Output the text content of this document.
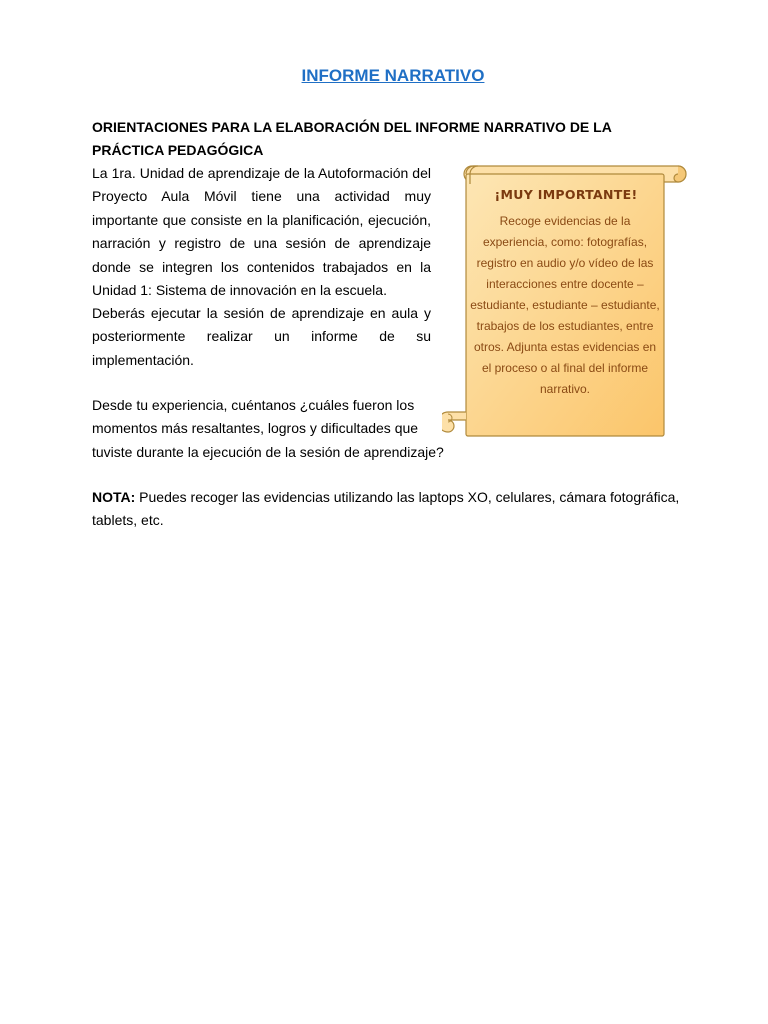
INFORME NARRATIVO

ORIENTACIONES PARA LA ELABORACIÓN DEL INFORME NARRATIVO DE LA PRÁCTICA PEDAGÓGICA

La 1ra. Unidad de aprendizaje de la Autoformación del Proyecto Aula Móvil tiene una actividad muy importante que consiste en la planificación, ejecución, narración y registro de una sesión de aprendizaje donde se integren los contenidos trabajados en la Unidad 1: Sistema de innovación en la escuela.

Deberás ejecutar la sesión de aprendizaje en aula y posteriormente realizar un informe de su implementación.

Desde tu experiencia, cuéntanos ¿cuáles fueron los momentos más resaltantes, logros y dificultades que tuviste durante la ejecución de la sesión de aprendizaje?

NOTA: Puedes recoger las evidencias utilizando las laptops XO, celulares, cámara fotográfica, tablets, etc.

¡MUY IMPORTANTE!

Recoge evidencias de la experiencia, como: fotografías, registro en audio y/o vídeo de las interacciones entre docente – estudiante, estudiante – estudiante, trabajos de los estudiantes, entre otros. Adjunta estas evidencias en el proceso o al final del informe narrativo.
